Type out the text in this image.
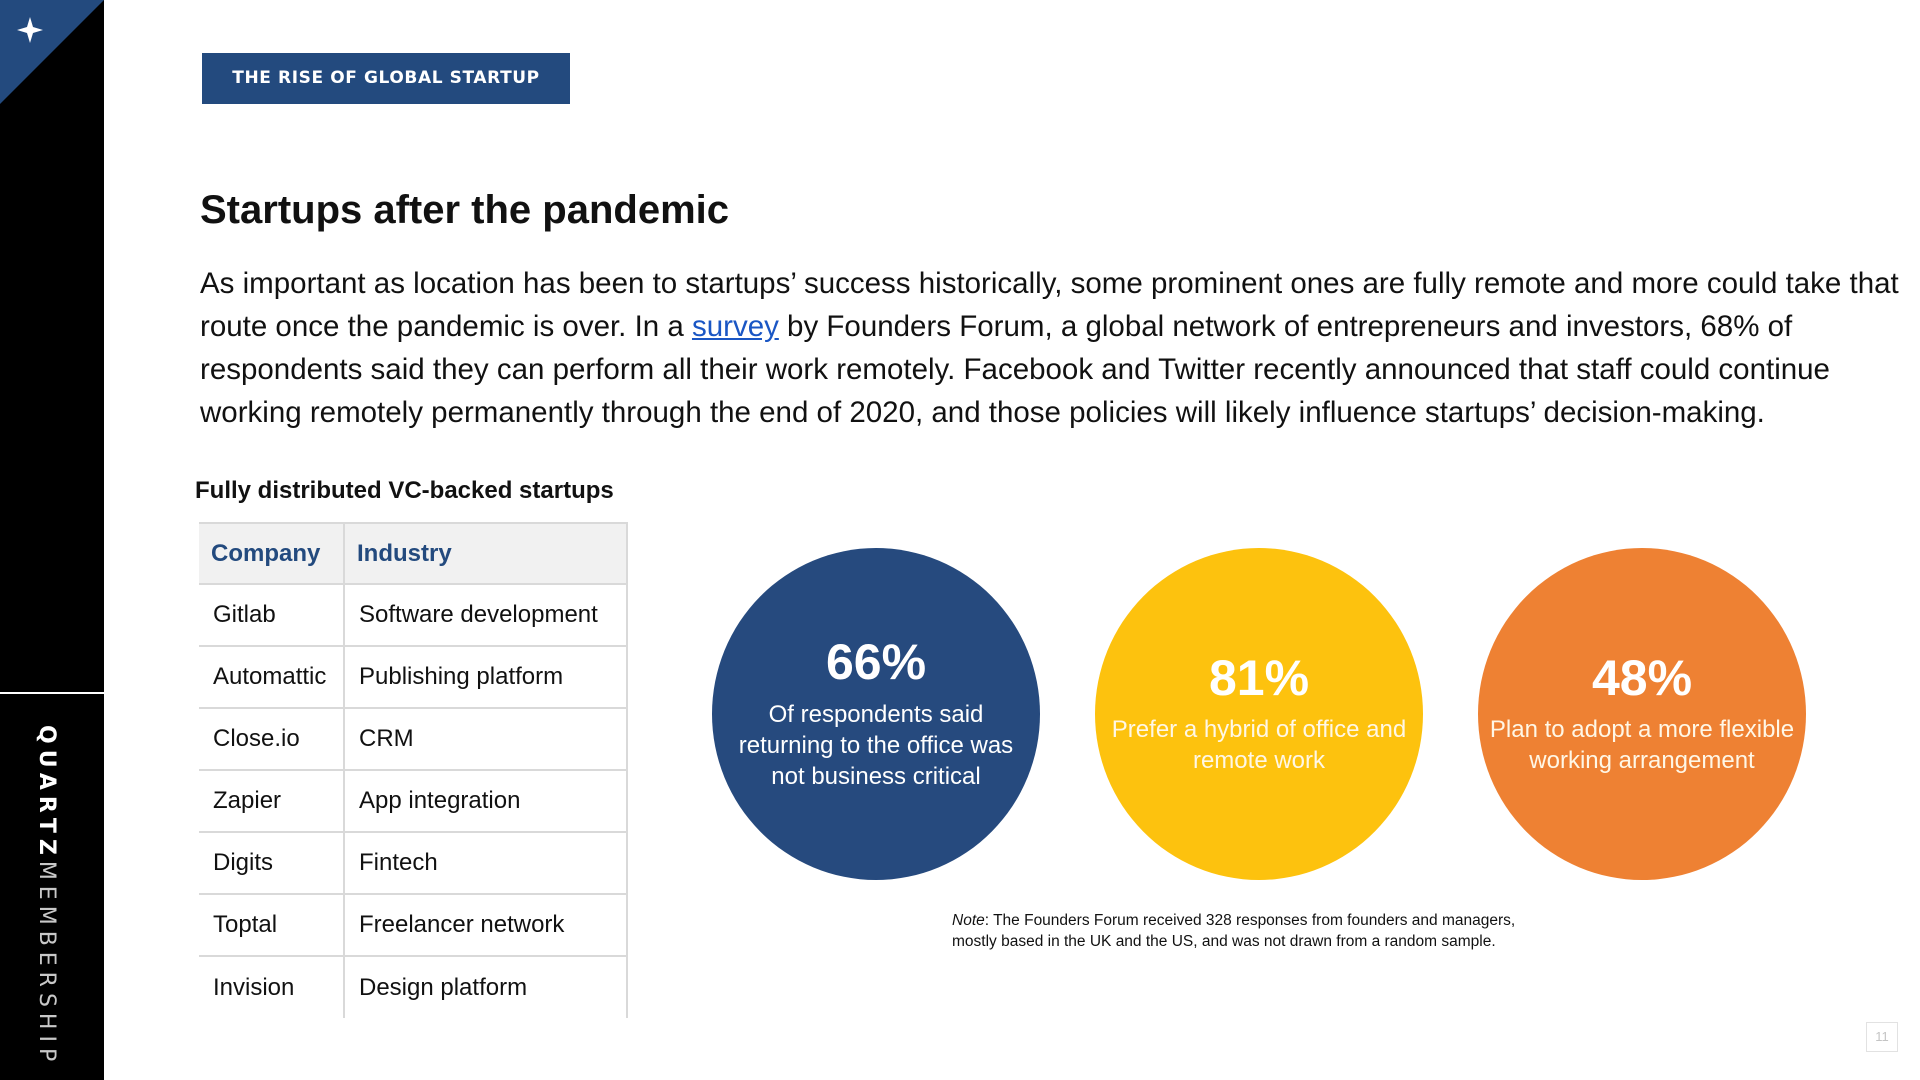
QUARTZMEMBERSHIP
THE RISE OF GLOBAL STARTUP CITIES
Startups after the pandemic

As important as location has been to startups’ success historically, some prominent ones are fully remote and more could take that route once the pandemic is over. In a survey by Founders Forum, a global network of entrepreneurs and investors, 68% of respondents said they can perform all their work remotely. Facebook and Twitter recently announced that staff could continue working remotely permanently through the end of 2020, and those policies will likely influence startups’ decision-making.

Fully distributed VC-backed startups
Company	Industry
Gitlab	Software development
Automattic	Publishing platform
Close.io	CRM
Zapier	App integration
Digits	Fintech
Toptal	Freelancer network
Invision	Design platform
66%
Of respondents said returning to the office was not business critical
81%
Prefer a hybrid of office and remote work
48%
Plan to adopt a more flexible working arrangement
Note: The Founders Forum received 328 responses from founders and managers,
mostly based in the UK and the US, and was not drawn from a random sample.
11
